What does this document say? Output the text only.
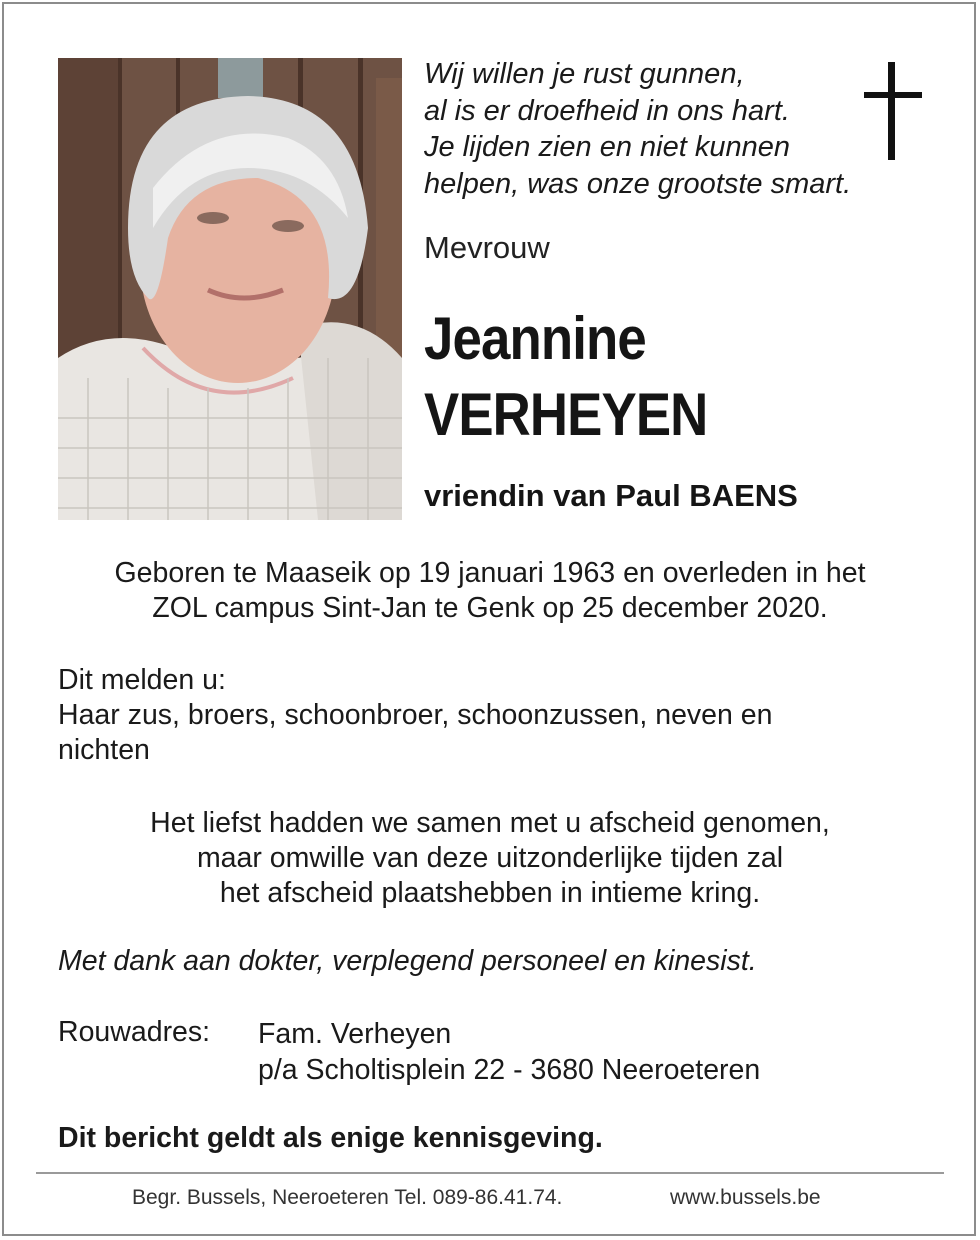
Wij willen je rust gunnen,
al is er droefheid in ons hart.
Je lijden zien en niet kunnen
helpen, was onze grootste smart.
Mevrouw
Jeannine
VERHEYEN
vriendin van Paul BAENS
Geboren te Maaseik op 19 januari 1963 en overleden in het
ZOL campus Sint-Jan te Genk op 25 december 2020.
Dit melden u:
Haar zus, broers, schoonbroer, schoonzussen, neven en
nichten
Het liefst hadden we samen met u afscheid genomen,
maar omwille van deze uitzonderlijke tijden zal
het afscheid plaatshebben in intieme kring.
Met dank aan dokter, verplegend personeel en kinesist.
Rouwadres: Fam. Verheyen
p/a Scholtisplein 22 - 3680 Neeroeteren
Dit bericht geldt als enige kennisgeving.
Begr. Bussels, Neeroeteren Tel. 089-86.41.74.	www.bussels.be
